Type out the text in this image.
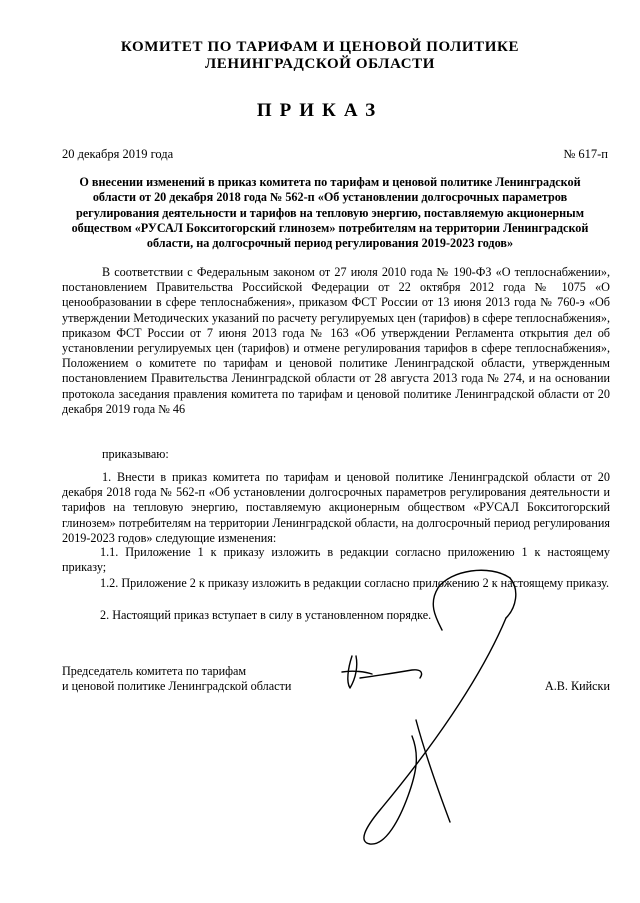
КОМИТЕТ ПО ТАРИФАМ И ЦЕНОВОЙ ПОЛИТИКЕ
ЛЕНИНГРАДСКОЙ ОБЛАСТИ
ПРИКАЗ
20 декабря 2019 года	№ 617-п
О внесении изменений в приказ комитета по тарифам и ценовой политике Ленинградской области от 20 декабря 2018 года № 562-п «Об установлении долгосрочных параметров регулирования деятельности и тарифов на тепловую энергию, поставляемую акционерным обществом «РУСАЛ Бокситогорский глинозем» потребителям на территории Ленинградской области, на долгосрочный период регулирования 2019-2023 годов»
В соответствии с Федеральным законом от 27 июля 2010 года № 190-ФЗ «О теплоснабжении», постановлением Правительства Российской Федерации от 22 октября 2012 года № 1075 «О ценообразовании в сфере теплоснабжения», приказом ФСТ России от 13 июня 2013 года № 760-э «Об утверждении Методических указаний по расчету регулируемых цен (тарифов) в сфере теплоснабжения», приказом ФСТ России от 7 июня 2013 года № 163 «Об утверждении Регламента открытия дел об установлении регулируемых цен (тарифов) и отмене регулирования тарифов в сфере теплоснабжения», Положением о комитете по тарифам и ценовой политике Ленинградской области, утвержденным постановлением Правительства Ленинградской области от 28 августа 2013 года № 274, и на основании протокола заседания правления комитета по тарифам и ценовой политике Ленинградской области от 20 декабря 2019 года № 46
приказываю:
1. Внести в приказ комитета по тарифам и ценовой политике Ленинградской области от 20 декабря 2018 года № 562-п «Об установлении долгосрочных параметров регулирования деятельности и тарифов на тепловую энергию, поставляемую акционерным обществом «РУСАЛ Бокситогорский глинозем» потребителям на территории Ленинградской области, на долгосрочный период регулирования 2019-2023 годов» следующие изменения:
1.1. Приложение 1 к приказу изложить в редакции согласно приложению 1 к настоящему приказу;
1.2. Приложение 2 к приказу изложить в редакции согласно приложению 2 к настоящему приказу.
2. Настоящий приказ вступает в силу в установленном порядке.
Председатель комитета по тарифам
и ценовой политике Ленинградской области	А.В. Кийски
